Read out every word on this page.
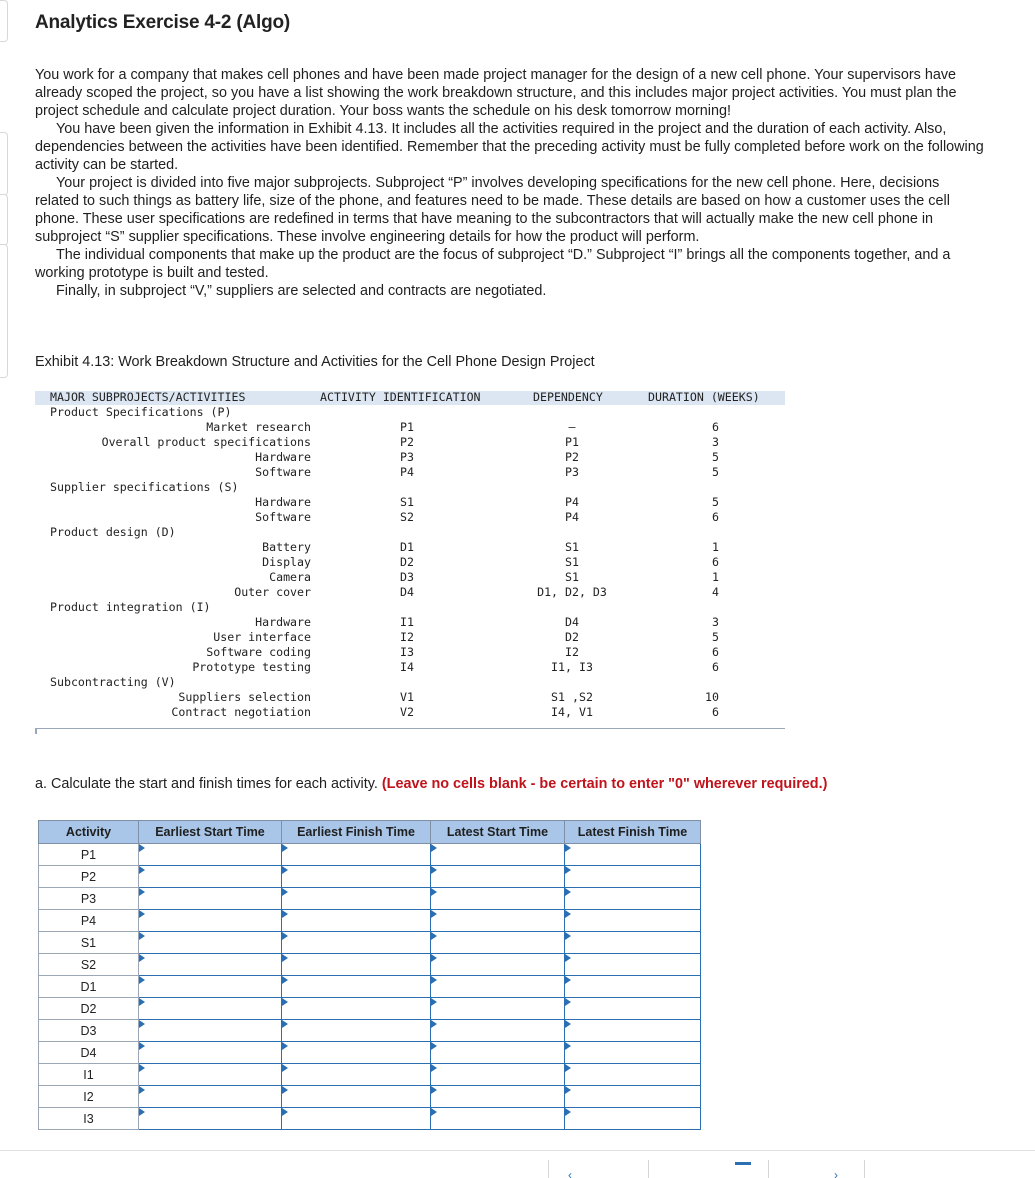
Analytics Exercise 4-2 (Algo)

You work for a company that makes cell phones and have been made project manager for the design of a new cell phone. Your supervisors have already scoped the project, so you have a list showing the work breakdown structure, and this includes major project activities. You must plan the project schedule and calculate project duration. Your boss wants the schedule on his desk tomorrow morning!

You have been given the information in Exhibit 4.13. It includes all the activities required in the project and the duration of each activity. Also, dependencies between the activities have been identified. Remember that the preceding activity must be fully completed before work on the following activity can be started.

Your project is divided into five major subprojects. Subproject “P” involves developing specifications for the new cell phone. Here, decisions related to such things as battery life, size of the phone, and features need to be made. These details are based on how a customer uses the cell phone. These user specifications are redefined in terms that have meaning to the subcontractors that will actually make the new cell phone in subproject “S” supplier specifications. These involve engineering details for how the product will perform.

The individual components that make up the product are the focus of subproject “D.” Subproject “I” brings all the components together, and a working prototype is built and tested.

Finally, in subproject “V,” suppliers are selected and contracts are negotiated.

Exhibit 4.13: Work Breakdown Structure and Activities for the Cell Phone Design Project
MAJOR SUBPROJECTS/ACTIVITIES	ACTIVITY IDENTIFICATION	DEPENDENCY	DURATION (WEEKS)
Product Specifications (P)
Market research	P1	—	6
Overall product specifications	P2	P1	3
Hardware	P3	P2	5
Software	P4	P3	5
Supplier specifications (S)
Hardware	S1	P4	5
Software	S2	P4	6
Product design (D)
Battery	D1	S1	1
Display	D2	S1	6
Camera	D3	S1	1
Outer cover	D4	D1, D2, D3	4
Product integration (I)
Hardware	I1	D4	3
User interface	I2	D2	5
Software coding	I3	I2	6
Prototype testing	I4	I1, I3	6
Subcontracting (V)
Suppliers selection	V1	S1 ,S2	10
Contract negotiation	V2	I4, V1	6
a. Calculate the start and finish times for each activity. (Leave no cells blank - be certain to enter "0" wherever required.)
Activity	Earliest Start Time	Earliest Finish Time	Latest Start Time	Latest Finish Time
P1				
P2				
P3				
P4				
S1				
S2				
D1				
D2				
D3				
D4				
I1				
I2				
I3				
‹	›
